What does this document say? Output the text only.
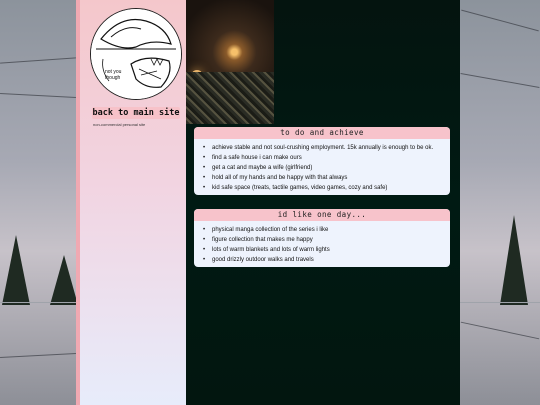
not you
though
back to main site
non-commercial personal site
to do and achieve
• achieve stable and not soul-crushing employment. 15k annually is enough to be ok.
• find a safe house i can make ours
• get a cat and maybe a wife (girlfriend)
• hold all of my hands and be happy with that always
• kid safe space (treats, tactile games, video games, cozy and safe)
id like one day...
• physical manga collection of the series i like
• figure collection that makes me happy
• lots of warm blankets and lots of warm lights
• good drizzly outdoor walks and travels
